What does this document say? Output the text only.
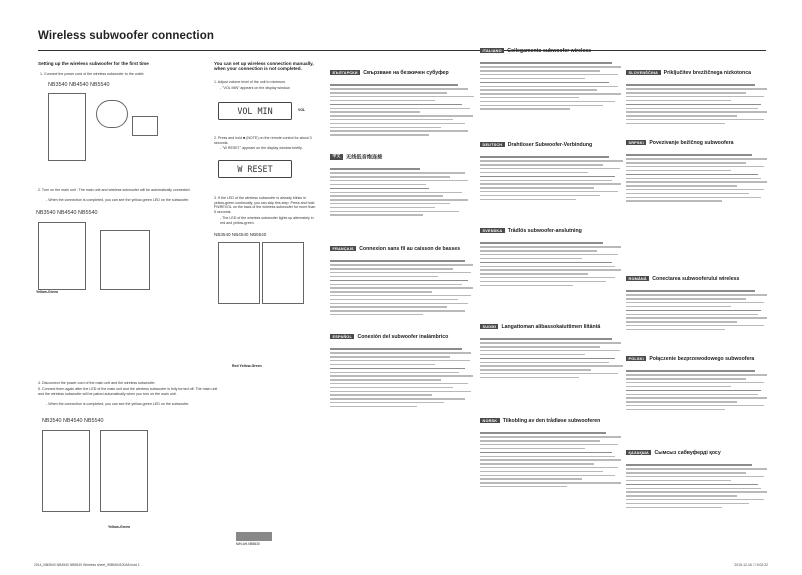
Wireless subwoofer connection
Setting up the wireless subwoofer for the first time
1. Connect the power cord of the wireless subwoofer to the outlet.
NB3540 NB4540 NB5540
2. Turn on the main unit : The main unit and wireless subwoofer will be automatically connected.
- When the connection is completed, you can see the yellow-green LED on the subwoofer.
NB3540 NB4540 NB5540
Yellow-Green
You can set up wireless connection manually, when your connection is not completed.
1. Adjust volume level of the unit to minimum.
- "VOL MIN" appears on the display window.
VOL MIN	VOL
2. Press and hold ■ (NOTE) on the remote control for about 3 seconds.
- "W RESET" appears on the display window briefly.
W RESET
3. If the LED of the wireless subwoofer is already blinks in yellow-green continually, you can skip this step. Press and hold FN/REVOL on the back of the wireless subwoofer for more than 5 seconds.
- The LED of the wireless subwoofer lights up alternately in red and yellow-green.
NB3540 NB4540 NB5540
Red Yellow-Green
4. Disconnect the power cord of the main unit and the wireless subwoofer.
5. Connect them again after the LED of the main unit and the wireless subwoofer is fully turned off. The main unit and the wireless subwoofer will be paired automatically when you turn on the main unit.
- When the connection is completed, you can see the yellow-green LED on the subwoofer.
NB3540 NB4540 NB5540
Yellow-Green
M/N:AH-NB5630
БЪЛГАРСКИ Свързване на безжичен субуфер
中文 无线低音炮连接
FRANÇAIS Connexion sans fil au caisson de basses
ESPAÑOL Conexión del subwoofer inalámbrico
ITALIANO Collegamento subwoofer wireless
DEUTSCH Drahtloser Subwoofer-Verbindung
SVENSKA Trådlös subwoofer-anslutning
SUOMI Langattoman alibassokaiuttimen liitäntä
NORSK Tilkobling av den trådløse subwooferen
SLOVENŠČINA Priključitev brezžičnega nizkotonca
SRPSKI Povezivanje bežičnog subwoofera
ROMÂNĂ Conectarea subwooferului wireless
POLSKI Połączenie bezprzewodowego subwoofera
ҚАЗАҚША Сымсыз сабвуферді қосу
2014_NB3540 NB4540 NB5540 Wireless sheet_99BM54100A8.indd 1	2015-12-16 ☐ 9:02:22
